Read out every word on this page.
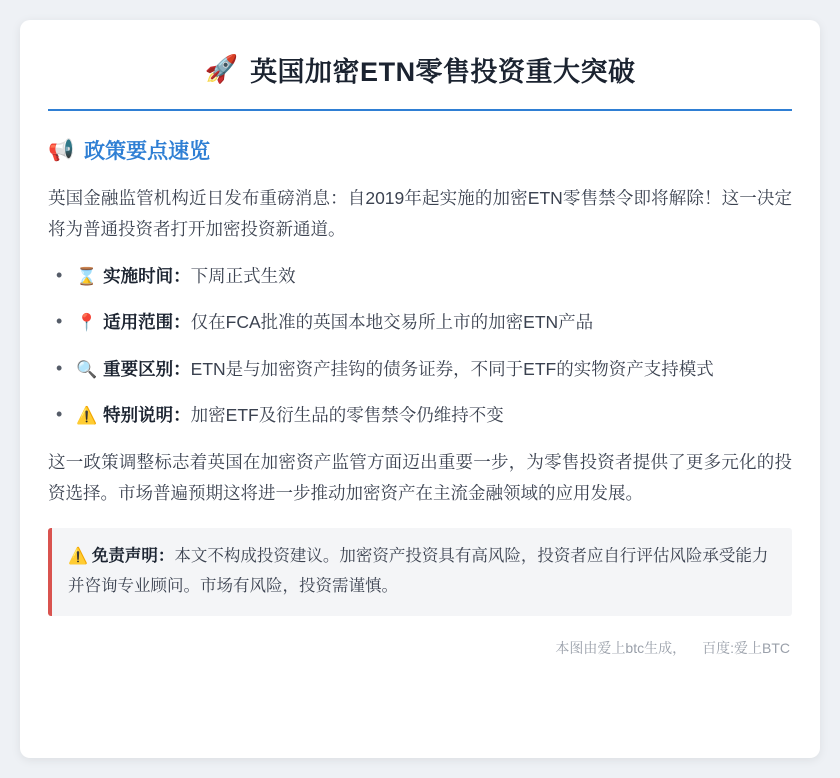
🚀 英国加密ETN零售投资重大突破
📢 政策要点速览

英国金融监管机构近日发布重磅消息：自2019年起实施的加密ETN零售禁令即将解除！这一决定将为普通投资者打开加密投资新通道。

• ⌛ 实施时间：下周正式生效
• 📍 适用范围：仅在FCA批准的英国本地交易所上市的加密ETN产品
• 🔍 重要区别：ETN是与加密资产挂钩的债务证券，不同于ETF的实物资产支持模式
• ⚠️ 特别说明：加密ETF及衍生品的零售禁令仍维持不变

这一政策调整标志着英国在加密资产监管方面迈出重要一步，为零售投资者提供了更多元化的投资选择。市场普遍预期这将进一步推动加密资产在主流金融领域的应用发展。

⚠️ 免责声明：本文不构成投资建议。加密资产投资具有高风险，投资者应自行评估风险承受能力并咨询专业顾问。市场有风险，投资需谨慎。

本图由爱上btc生成， 百度:爱上BTC
